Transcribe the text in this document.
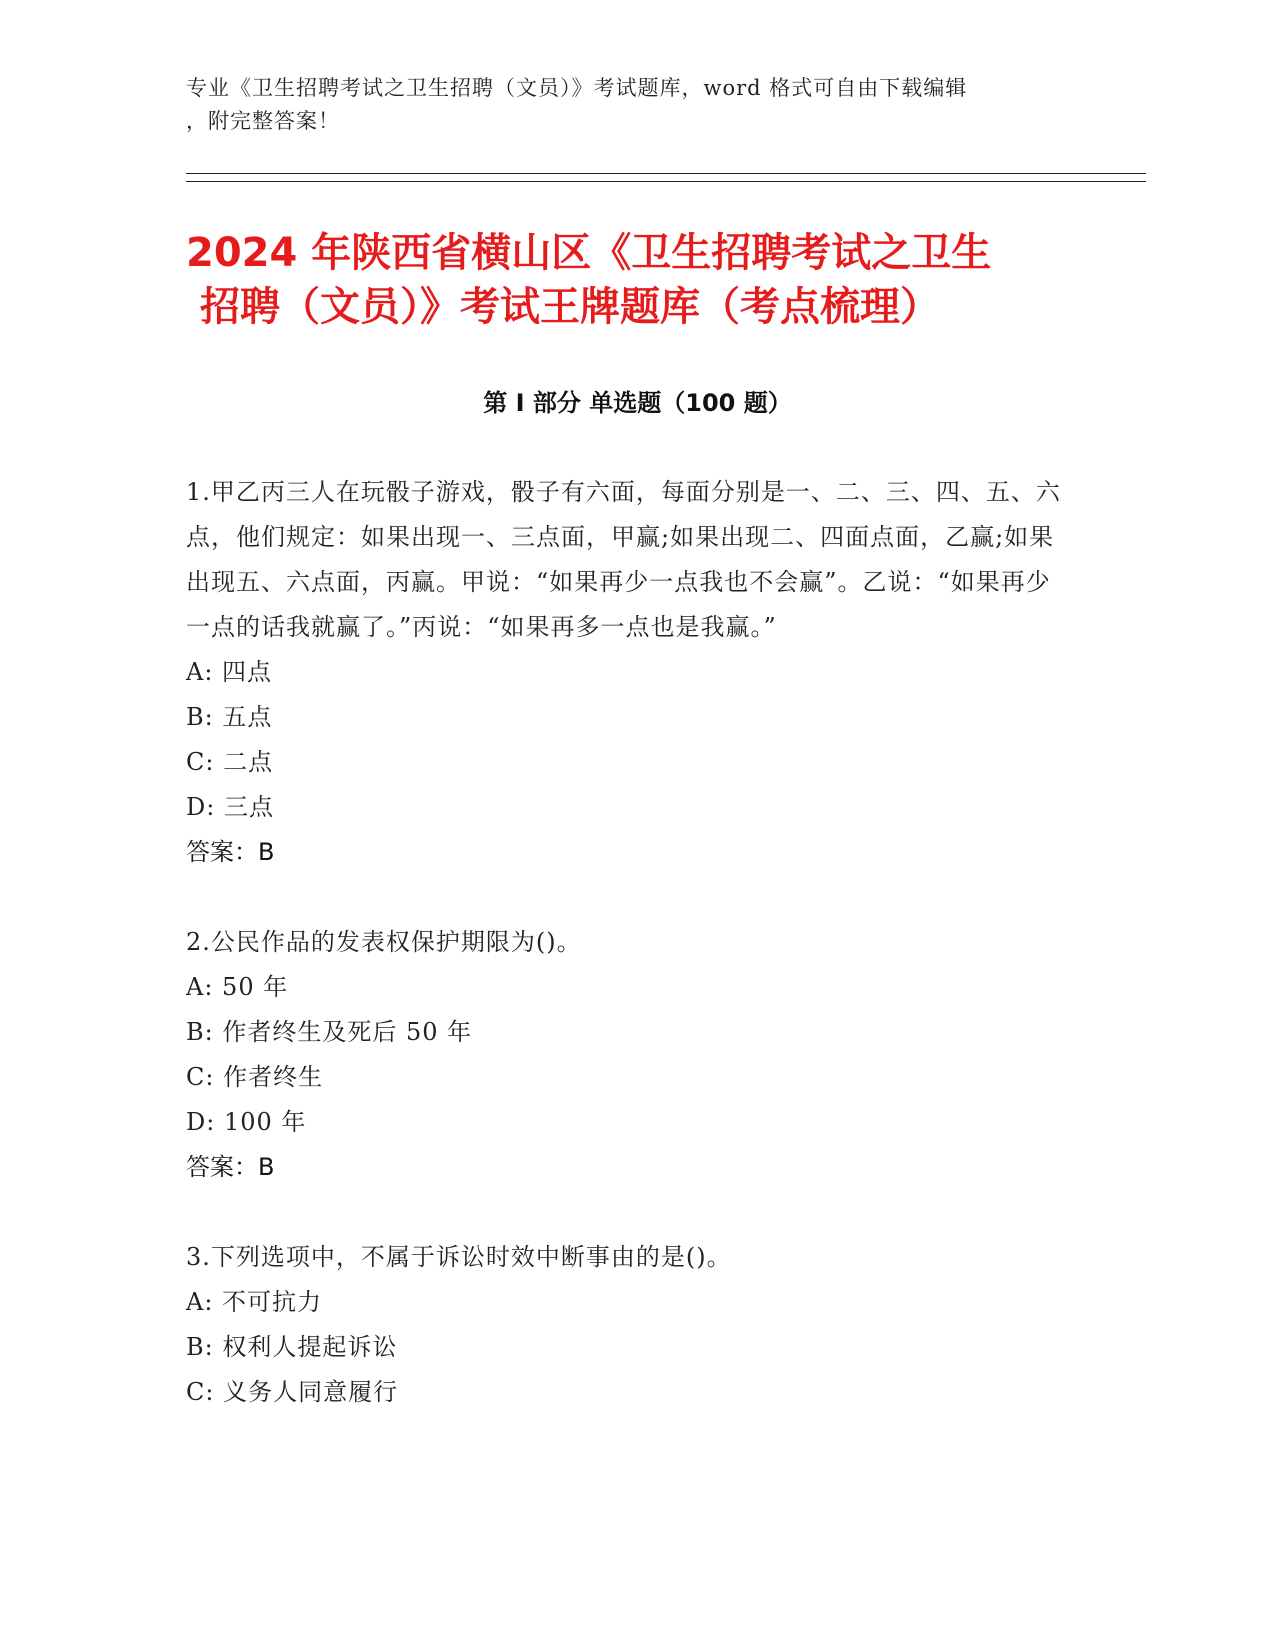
专业《卫生招聘考试之卫生招聘（文员）》考试题库，word 格式可自由下载编辑
，附完整答案！
2024 年陕西省横山区《卫生招聘考试之卫生
招聘（文员）》考试王牌题库（考点梳理）
第 I 部分 单选题（100 题）
1.甲乙丙三人在玩骰子游戏，骰子有六面，每面分别是一、二、三、四、五、六点，他们规定：如果出现一、三点面，甲赢;如果出现二、四面点面，乙赢;如果出现五、六点面，丙赢。甲说：“如果再少一点我也不会赢”。乙说：“如果再少一点的话我就赢了。”丙说：“如果再多一点也是我赢。”
A: 四点
B: 五点
C: 二点
D: 三点
答案：B
2.公民作品的发表权保护期限为()。
A: 50 年
B: 作者终生及死后 50 年
C: 作者终生
D: 100 年
答案：B
3.下列选项中，不属于诉讼时效中断事由的是()。
A: 不可抗力
B: 权利人提起诉讼
C: 义务人同意履行
